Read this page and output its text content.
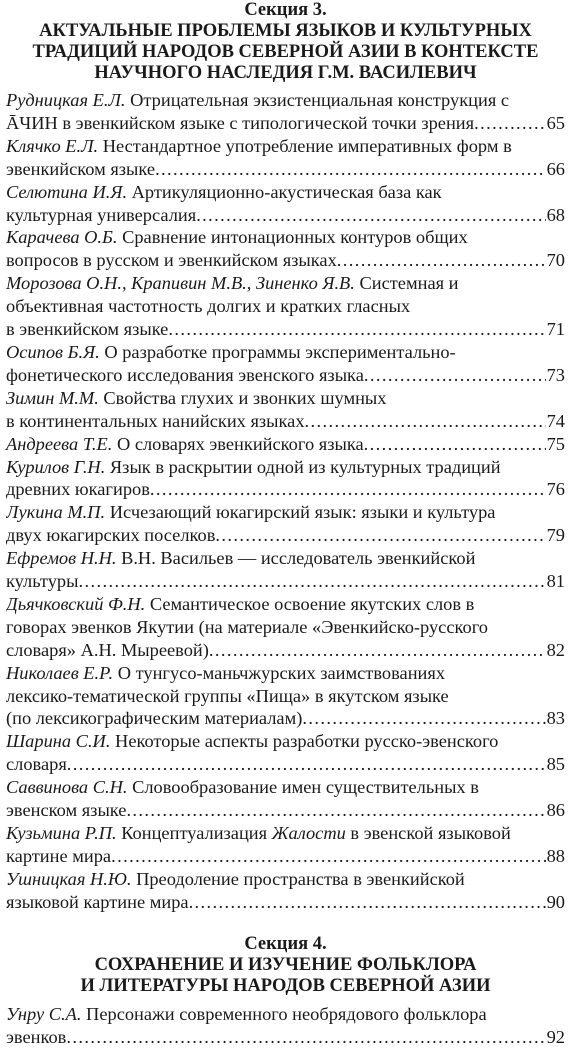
Секция 3.
АКТУАЛЬНЫЕ ПРОБЛЕМЫ ЯЗЫКОВ И КУЛЬТУРНЫХ
ТРАДИЦИЙ НАРОДОВ СЕВЕРНОЙ АЗИИ В КОНТЕКСТЕ
НАУЧНОГО НАСЛЕДИЯ Г.М. ВАСИЛЕВИЧ
Рудницкая Е.Л. Отрицательная экзистенциальная конструкция с
ĀЧИН в эвенкийском языке с типологической точки зрения . . .	65
Клячко Е.Л. Нестандартное употребление императивных форм в
эвенкийском языке . . .	66
Селютина И.Я. Артикуляционно-акустическая база как
культурная универсалия . . .	68
Карачева О.Б. Сравнение интонационных контуров общих
вопросов в русском и эвенкийском языках . . .	70
Морозова О.Н., Крапивин М.В., Зиненко Я.В. Системная и
объективная частотность долгих и кратких гласных
в эвенкийском языке . . .	71
Осипов Б.Я. О разработке программы экспериментально-
фонетического исследования эвенского языка . . .	73
Зимин М.М. Свойства глухих и звонких шумных
в континентальных нанийских языках . . .	74
Андреева Т.Е. О словарях эвенкийского языка . . .	75
Курилов Г.Н. Язык в раскрытии одной из культурных традиций
древних юкагиров . . .	76
Лукина М.П. Исчезающий юкагирский язык: языки и культура
двух юкагирских поселков . . .	79
Ефремов Н.Н. В.Н. Васильев — исследователь эвенкийской
культуры . . .	81
Дьячковский Ф.Н. Семантическое освоение якутских слов в
говорах эвенков Якутии (на материале «Эвенкийско-русского
словаря» А.Н. Мыреевой) . . .	82
Николаев Е.Р. О тунгусо-маньчжурских заимствованиях
лексико-тематической группы «Пища» в якутском языке
(по лексикографическим материалам) . . .	83
Шарина С.И. Некоторые аспекты разработки русско-эвенского
словаря . . .	85
Саввинова С.Н. Словообразование имен существительных в
эвенском языке . . .	86
Кузьмина Р.П. Концептуализация Жалости в эвенской языковой
картине мира . . .	88
Ушницкая Н.Ю. Преодоление пространства в эвенкийской
языковой картине мира . . .	90
Секция 4.
СОХРАНЕНИЕ И ИЗУЧЕНИЕ ФОЛЬКЛОРА
И ЛИТЕРАТУРЫ НАРОДОВ СЕВЕРНОЙ АЗИИ
Унру С.А. Персонажи современного необрядового фольклора
эвенков . . .	92
